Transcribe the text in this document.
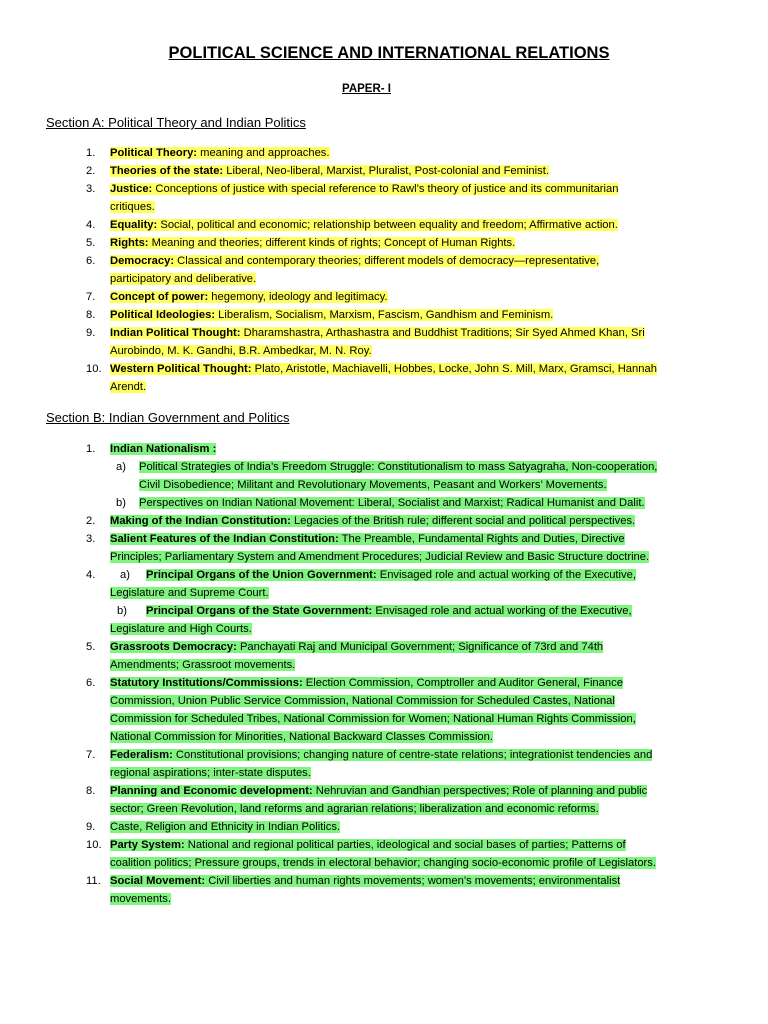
POLITICAL SCIENCE AND INTERNATIONAL RELATIONS
PAPER- I
Section A: Political Theory and Indian Politics
1. Political Theory: meaning and approaches.
2. Theories of the state: Liberal, Neo-liberal, Marxist, Pluralist, Post-colonial and Feminist.
3. Justice: Conceptions of justice with special reference to Rawl’s theory of justice and its communitarian
critiques.
4. Equality: Social, political and economic; relationship between equality and freedom; Affirmative action.
5. Rights: Meaning and theories; different kinds of rights; Concept of Human Rights.
6. Democracy: Classical and contemporary theories; different models of democracy—representative,
participatory and deliberative.
7. Concept of power: hegemony, ideology and legitimacy.
8. Political Ideologies: Liberalism, Socialism, Marxism, Fascism, Gandhism and Feminism.
9. Indian Political Thought: Dharamshastra, Arthashastra and Buddhist Traditions; Sir Syed Ahmed Khan, Sri
Aurobindo, M. K. Gandhi, B.R. Ambedkar, M. N. Roy.
10. Western Political Thought: Plato, Aristotle, Machiavelli, Hobbes, Locke, John S. Mill, Marx, Gramsci, Hannah
Arendt.
Section B: Indian Government and Politics
1. Indian Nationalism :
a) Political Strategies of India’s Freedom Struggle: Constitutionalism to mass Satyagraha, Non-cooperation,
Civil Disobedience; Militant and Revolutionary Movements, Peasant and Workers’ Movements.
b) Perspectives on Indian National Movement: Liberal, Socialist and Marxist; Radical Humanist and Dalit.
2. Making of the Indian Constitution: Legacies of the British rule; different social and political perspectives.
3. Salient Features of the Indian Constitution: The Preamble, Fundamental Rights and Duties, Directive
Principles; Parliamentary System and Amendment Procedures; Judicial Review and Basic Structure doctrine.
4. a) Principal Organs of the Union Government: Envisaged role and actual working of the Executive,
Legislature and Supreme Court.
b) Principal Organs of the State Government: Envisaged role and actual working of the Executive,
Legislature and High Courts.
5. Grassroots Democracy: Panchayati Raj and Municipal Government; Significance of 73rd and 74th
Amendments; Grassroot movements.
6. Statutory Institutions/Commissions: Election Commission, Comptroller and Auditor General, Finance
Commission, Union Public Service Commission, National Commission for Scheduled Castes, National
Commission for Scheduled Tribes, National Commission for Women; National Human Rights Commission,
National Commission for Minorities, National Backward Classes Commission.
7. Federalism: Constitutional provisions; changing nature of centre-state relations; integrationist tendencies and
regional aspirations; inter-state disputes.
8. Planning and Economic development: Nehruvian and Gandhian perspectives; Role of planning and public
sector; Green Revolution, land reforms and agrarian relations; liberalization and economic reforms.
9. Caste, Religion and Ethnicity in Indian Politics.
10. Party System: National and regional political parties, ideological and social bases of parties; Patterns of
coalition politics; Pressure groups, trends in electoral behavior; changing socio-economic profile of Legislators.
11. Social Movement: Civil liberties and human rights movements; women’s movements; environmentalist
movements.
